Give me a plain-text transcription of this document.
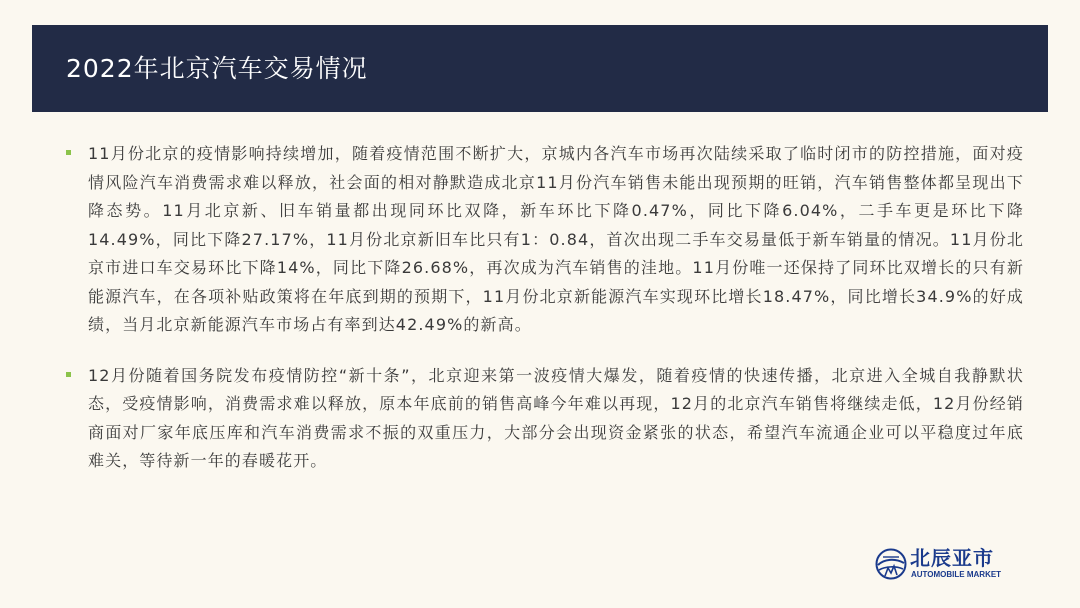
2022年北京汽车交易情况
11月份北京的疫情影响持续增加，随着疫情范围不断扩大，京城内各汽车市场再次陆续采取了临时闭市的防控措施，面对疫情风险汽车消费需求难以释放，社会面的相对静默造成北京11月份汽车销售未能出现预期的旺销，汽车销售整体都呈现出下降态势。11月北京新、旧车销量都出现同环比双降，新车环比下降0.47%，同比下降6.04%，二手车更是环比下降14.49%，同比下降27.17%，11月份北京新旧车比只有1：0.84，首次出现二手车交易量低于新车销量的情况。11月份北京市进口车交易环比下降14%，同比下降26.68%，再次成为汽车销售的洼地。11月份唯一还保持了同环比双增长的只有新能源汽车，在各项补贴政策将在年底到期的预期下，11月份北京新能源汽车实现环比增长18.47%，同比增长34.9%的好成绩，当月北京新能源汽车市场占有率到达42.49%的新高。
12月份随着国务院发布疫情防控“新十条”，北京迎来第一波疫情大爆发，随着疫情的快速传播，北京进入全城自我静默状态，受疫情影响，消费需求难以释放，原本年底前的销售高峰今年难以再现，12月的北京汽车销售将继续走低，12月份经销商面对厂家年底压库和汽车消费需求不振的双重压力，大部分会出现资金紧张的状态，希望汽车流通企业可以平稳度过年底难关，等待新一年的春暖花开。
北辰亚市
AUTOMOBILE MARKET
